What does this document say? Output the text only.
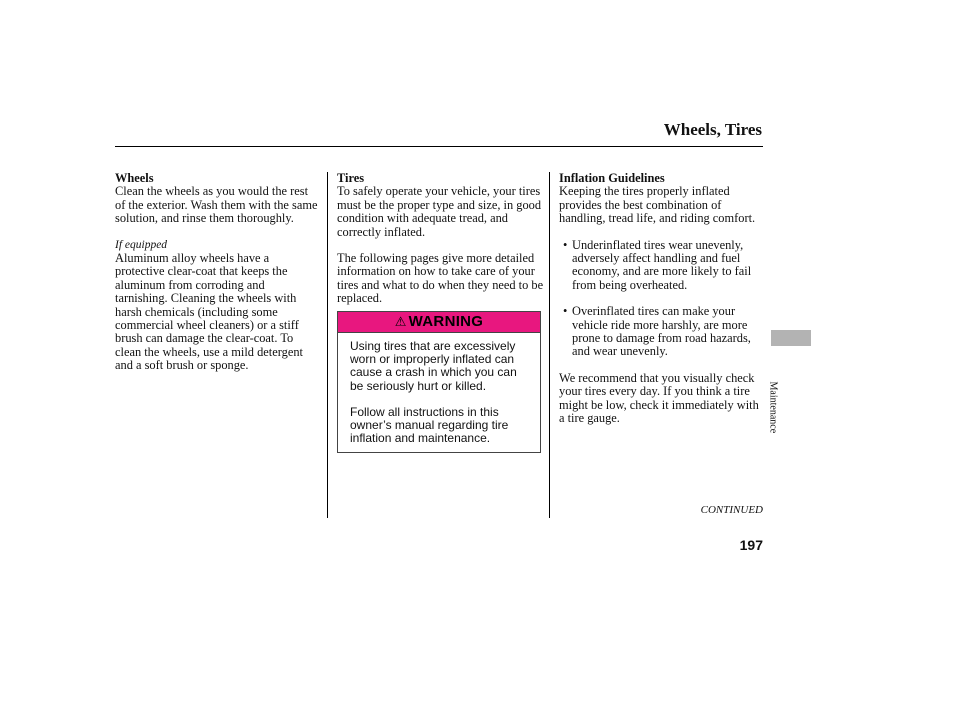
Wheels, Tires
Wheels

Clean the wheels as you would the rest of the exterior. Wash them with the same solution, and rinse them thoroughly.

If equipped

Aluminum alloy wheels have a protective clear-coat that keeps the aluminum from corroding and tarnishing. Cleaning the wheels with harsh chemicals (including some commercial wheel cleaners) or a stiff brush can damage the clear-coat. To clean the wheels, use a mild detergent and a soft brush or sponge.

Tires

To safely operate your vehicle, your tires must be the proper type and size, in good condition with adequate tread, and correctly inflated.

The following pages give more detailed information on how to take care of your tires and what to do when they need to be replaced.

⚠ WARNING

Using tires that are excessively worn or improperly inflated can cause a crash in which you can be seriously hurt or killed.

Follow all instructions in this owner’s manual regarding tire inflation and maintenance.

Inflation Guidelines

Keeping the tires properly inflated provides the best combination of handling, tread life, and riding comfort.

• Underinflated tires wear unevenly, adversely affect handling and fuel economy, and are more likely to fail from being overheated.
• Overinflated tires can make your vehicle ride more harshly, are more prone to damage from road hazards, and wear unevenly.

We recommend that you visually check your tires every day. If you think a tire might be low, check it immediately with a tire gauge.

CONTINUED
197
Maintenance
